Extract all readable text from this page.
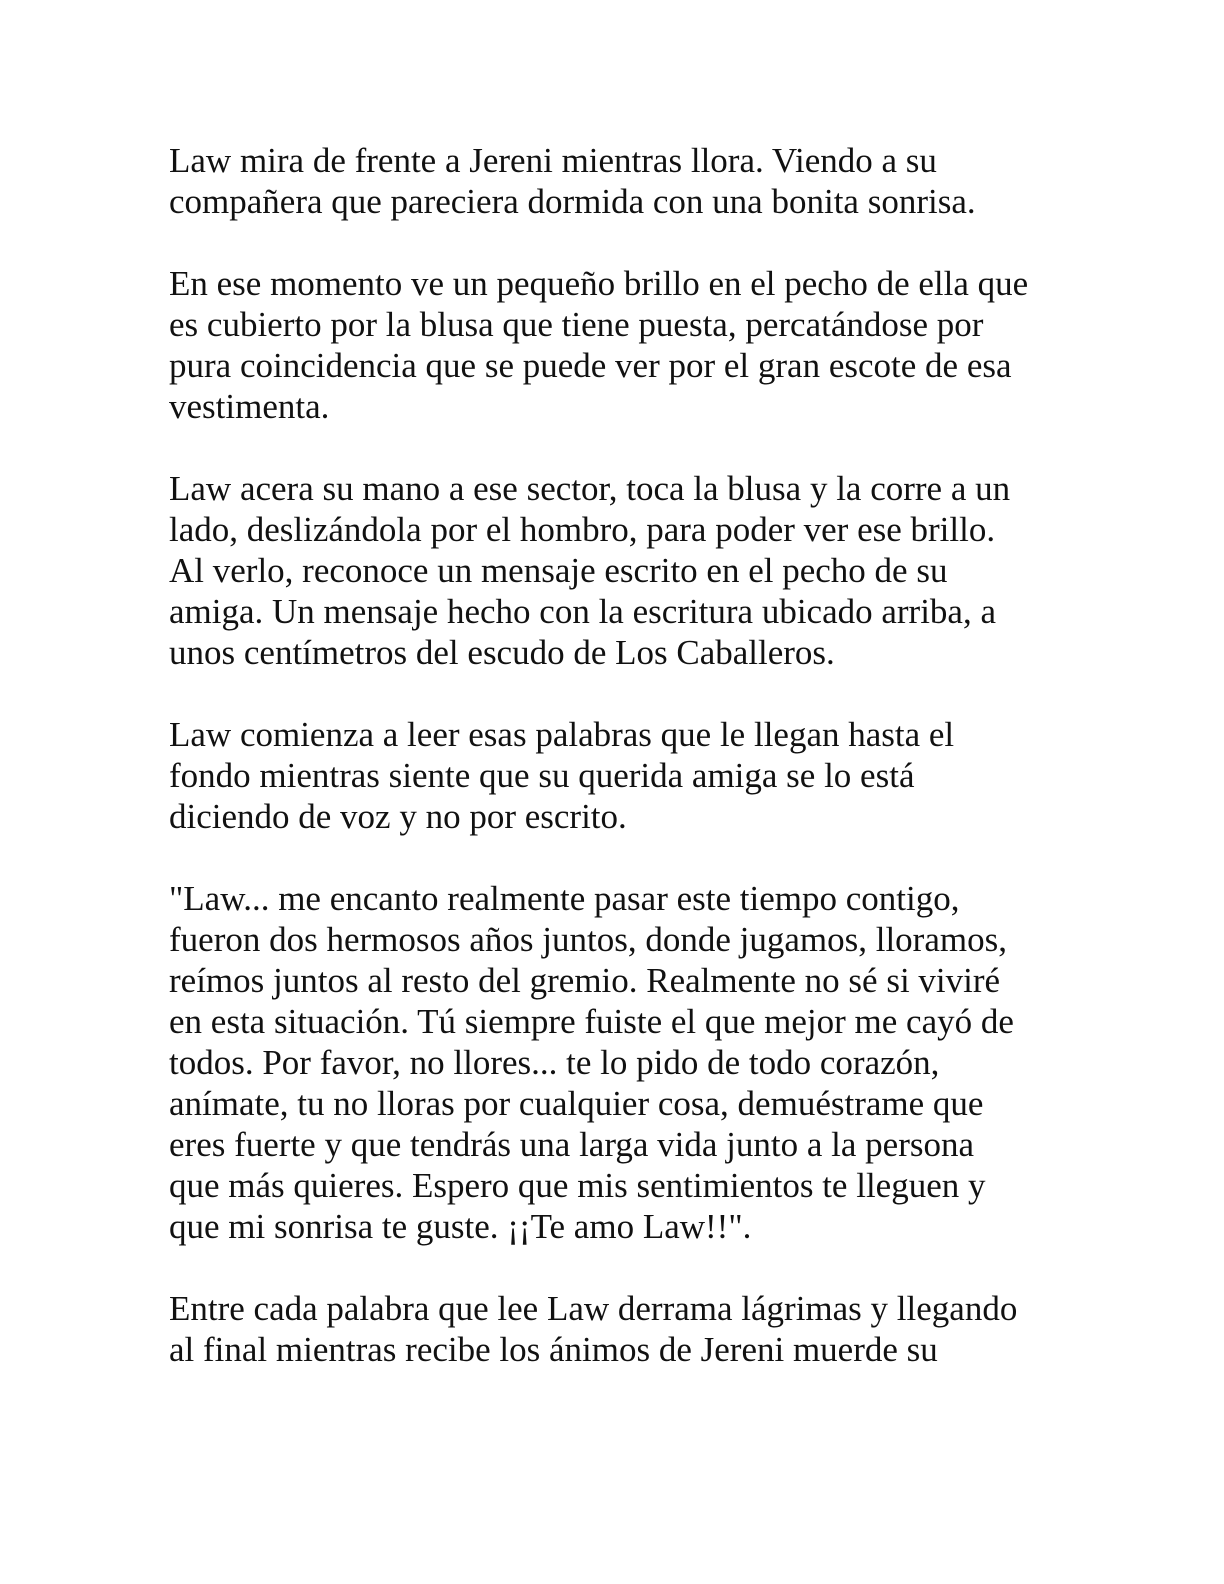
Law mira de frente a Jereni mientras llora. Viendo a su
compañera que pareciera dormida con una bonita sonrisa.

En ese momento ve un pequeño brillo en el pecho de ella que
es cubierto por la blusa que tiene puesta, percatándose por
pura coincidencia que se puede ver por el gran escote de esa
vestimenta.

Law acera su mano a ese sector, toca la blusa y la corre a un
lado, deslizándola por el hombro, para poder ver ese brillo.
Al verlo, reconoce un mensaje escrito en el pecho de su
amiga. Un mensaje hecho con la escritura ubicado arriba, a
unos centímetros del escudo de Los Caballeros.

Law comienza a leer esas palabras que le llegan hasta el
fondo mientras siente que su querida amiga se lo está
diciendo de voz y no por escrito.

"Law... me encanto realmente pasar este tiempo contigo,
fueron dos hermosos años juntos, donde jugamos, lloramos,
reímos juntos al resto del gremio. Realmente no sé si viviré
en esta situación. Tú siempre fuiste el que mejor me cayó de
todos. Por favor, no llores... te lo pido de todo corazón,
anímate, tu no lloras por cualquier cosa, demuéstrame que
eres fuerte y que tendrás una larga vida junto a la persona
que más quieres. Espero que mis sentimientos te lleguen y
que mi sonrisa te guste. ¡¡Te amo Law!!".

Entre cada palabra que lee Law derrama lágrimas y llegando
al final mientras recibe los ánimos de Jereni muerde su
